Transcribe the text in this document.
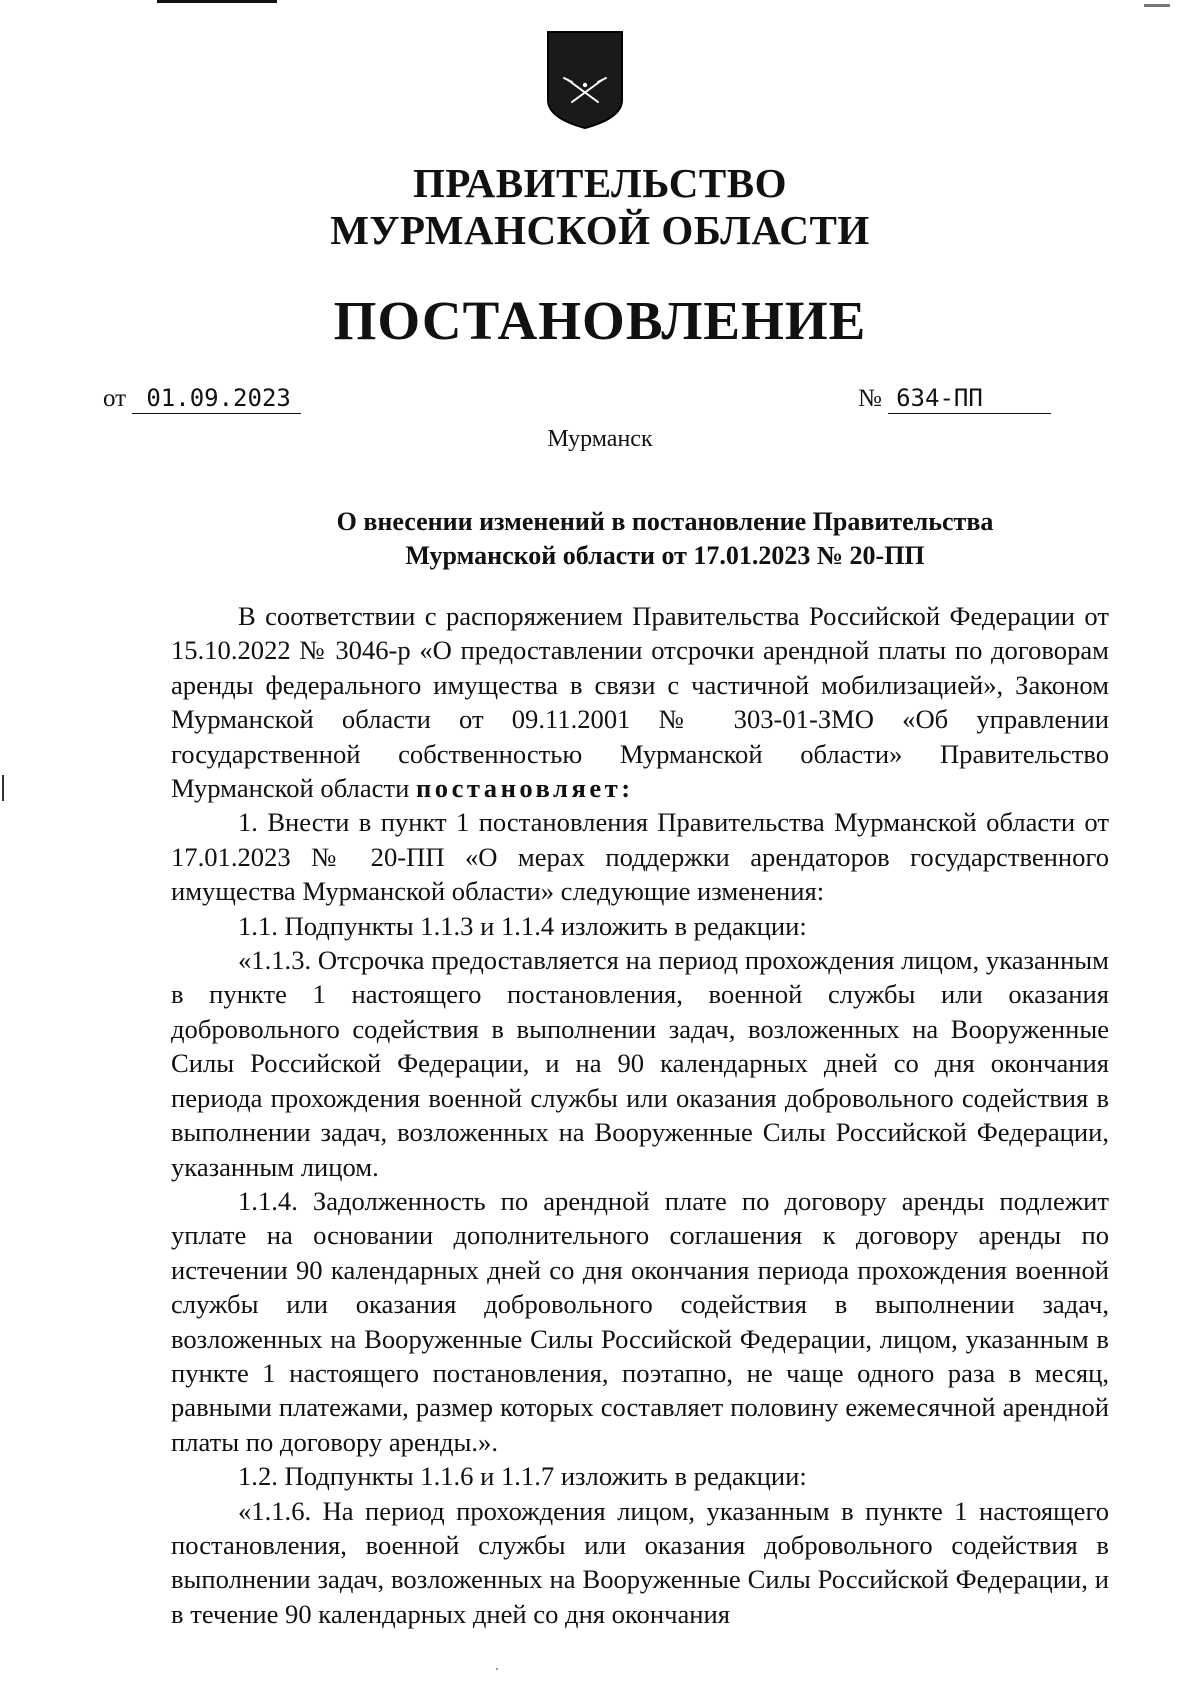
ПРАВИТЕЛЬСТВО
МУРМАНСКОЙ ОБЛАСТИ
ПОСТАНОВЛЕНИЕ
от 01.09.2023	№ 634-ПП
Мурманск
О внесении изменений в постановление Правительства
Мурманской области от 17.01.2023 № 20-ПП

В соответствии с распоряжением Правительства Российской Федерации от 15.10.2022 № 3046-р «О предоставлении отсрочки арендной платы по договорам аренды федерального имущества в связи с частичной мобилизацией», Законом Мурманской области от 09.11.2001 № 303-01-ЗМО «Об управлении государственной собственностью Мурманской области» Правительство Мурманской области постановляет:

1. Внести в пункт 1 постановления Правительства Мурманской области от 17.01.2023 № 20-ПП «О мерах поддержки арендаторов государственного имущества Мурманской области» следующие изменения:

1.1. Подпункты 1.1.3 и 1.1.4 изложить в редакции:

«1.1.3. Отсрочка предоставляется на период прохождения лицом, указанным в пункте 1 настоящего постановления, военной службы или оказания добровольного содействия в выполнении задач, возложенных на Вооруженные Силы Российской Федерации, и на 90 календарных дней со дня окончания периода прохождения военной службы или оказания добровольного содействия в выполнении задач, возложенных на Вооруженные Силы Российской Федерации, указанным лицом.

1.1.4. Задолженность по арендной плате по договору аренды подлежит уплате на основании дополнительного соглашения к договору аренды по истечении 90 календарных дней со дня окончания периода прохождения военной службы или оказания добровольного содействия в выполнении задач, возложенных на Вооруженные Силы Российской Федерации, лицом, указанным в пункте 1 настоящего постановления, поэтапно, не чаще одного раза в месяц, равными платежами, размер которых составляет половину ежемесячной арендной платы по договору аренды.».

1.2. Подпункты 1.1.6 и 1.1.7 изложить в редакции:

«1.1.6. На период прохождения лицом, указанным в пункте 1 настоящего постановления, военной службы или оказания добровольного содействия в выполнении задач, возложенных на Вооруженные Силы Российской Федерации, и в течение 90 календарных дней со дня окончания
